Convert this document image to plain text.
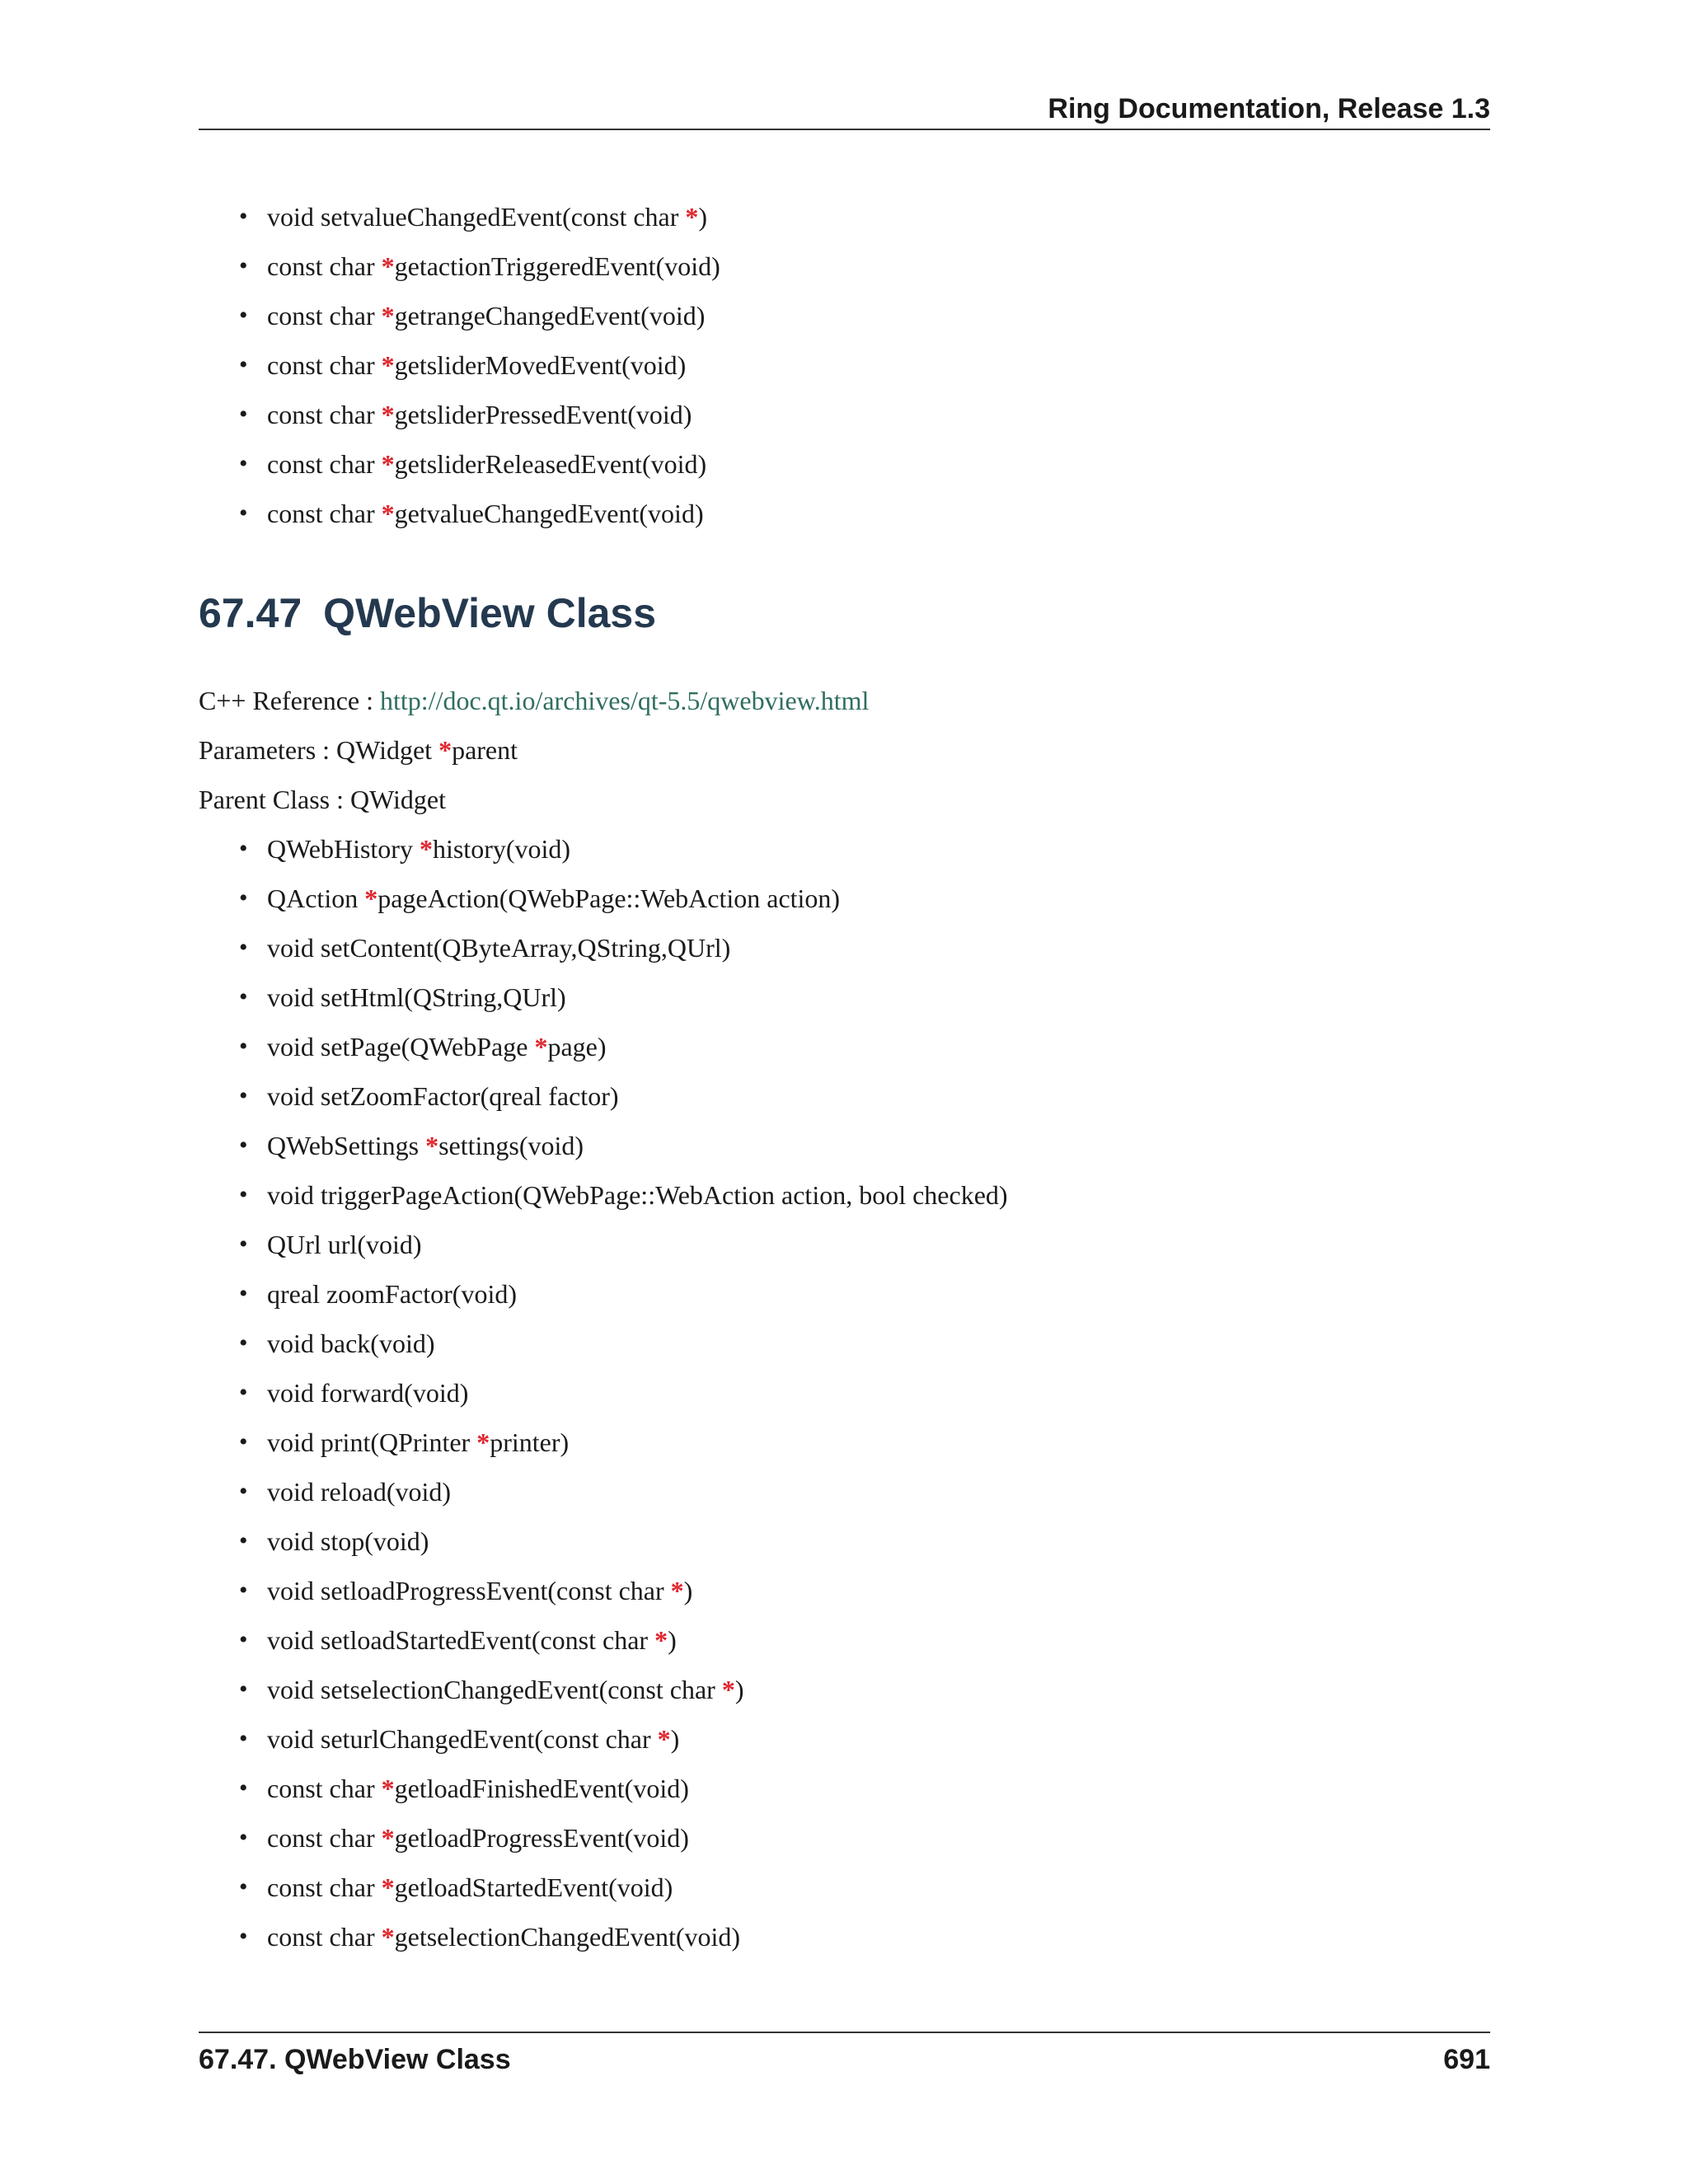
Ring Documentation, Release 1.3
• void setvalueChangedEvent(const char *)
• const char *getactionTriggeredEvent(void)
• const char *getrangeChangedEvent(void)
• const char *getsliderMovedEvent(void)
• const char *getsliderPressedEvent(void)
• const char *getsliderReleasedEvent(void)
• const char *getvalueChangedEvent(void)
67.47 QWebView Class

C++ Reference : http://doc.qt.io/archives/qt-5.5/qwebview.html

Parameters : QWidget *parent

Parent Class : QWidget

• QWebHistory *history(void)
• QAction *pageAction(QWebPage::WebAction action)
• void setContent(QByteArray,QString,QUrl)
• void setHtml(QString,QUrl)
• void setPage(QWebPage *page)
• void setZoomFactor(qreal factor)
• QWebSettings *settings(void)
• void triggerPageAction(QWebPage::WebAction action, bool checked)
• QUrl url(void)
• qreal zoomFactor(void)
• void back(void)
• void forward(void)
• void print(QPrinter *printer)
• void reload(void)
• void stop(void)
• void setloadProgressEvent(const char *)
• void setloadStartedEvent(const char *)
• void setselectionChangedEvent(const char *)
• void seturlChangedEvent(const char *)
• const char *getloadFinishedEvent(void)
• const char *getloadProgressEvent(void)
• const char *getloadStartedEvent(void)
• const char *getselectionChangedEvent(void)
67.47. QWebView Class	691
